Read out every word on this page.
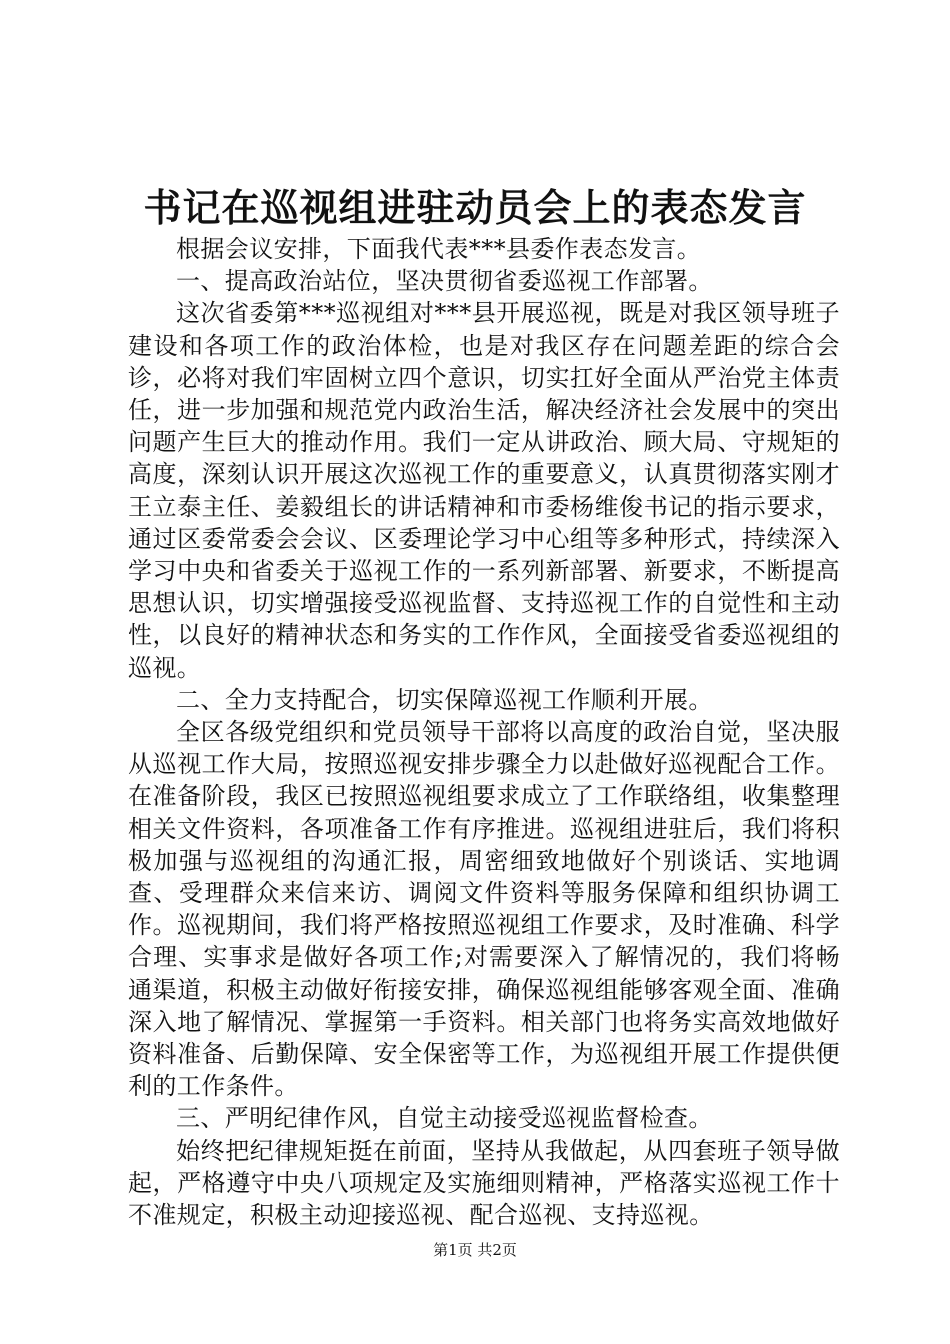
书记在巡视组进驻动员会上的表态发言

根据会议安排，下面我代表***县委作表态发言。

一、提高政治站位，坚决贯彻省委巡视工作部署。

这次省委第***巡视组对***县开展巡视，既是对我区领导班子建设和各项工作的政治体检，也是对我区存在问题差距的综合会诊，必将对我们牢固树立四个意识，切实扛好全面从严治党主体责任，进一步加强和规范党内政治生活，解决经济社会发展中的突出问题产生巨大的推动作用。我们一定从讲政治、顾大局、守规矩的高度，深刻认识开展这次巡视工作的重要意义，认真贯彻落实刚才王立泰主任、姜毅组长的讲话精神和市委杨维俊书记的指示要求，通过区委常委会会议、区委理论学习中心组等多种形式，持续深入学习中央和省委关于巡视工作的一系列新部署、新要求，不断提高思想认识，切实增强接受巡视监督、支持巡视工作的自觉性和主动性，以良好的精神状态和务实的工作作风，全面接受省委巡视组的巡视。

二、全力支持配合，切实保障巡视工作顺利开展。

全区各级党组织和党员领导干部将以高度的政治自觉，坚决服从巡视工作大局，按照巡视安排步骤全力以赴做好巡视配合工作。在准备阶段，我区已按照巡视组要求成立了工作联络组，收集整理相关文件资料，各项准备工作有序推进。巡视组进驻后，我们将积极加强与巡视组的沟通汇报，周密细致地做好个别谈话、实地调查、受理群众来信来访、调阅文件资料等服务保障和组织协调工作。巡视期间，我们将严格按照巡视组工作要求，及时准确、科学合理、实事求是做好各项工作;对需要深入了解情况的，我们将畅通渠道，积极主动做好衔接安排，确保巡视组能够客观全面、准确深入地了解情况、掌握第一手资料。相关部门也将务实高效地做好资料准备、后勤保障、安全保密等工作，为巡视组开展工作提供便利的工作条件。

三、严明纪律作风，自觉主动接受巡视监督检查。

始终把纪律规矩挺在前面，坚持从我做起，从四套班子领导做起，严格遵守中央八项规定及实施细则精神，严格落实巡视工作十不准规定，积极主动迎接巡视、配合巡视、支持巡视。

第1页 共2页
